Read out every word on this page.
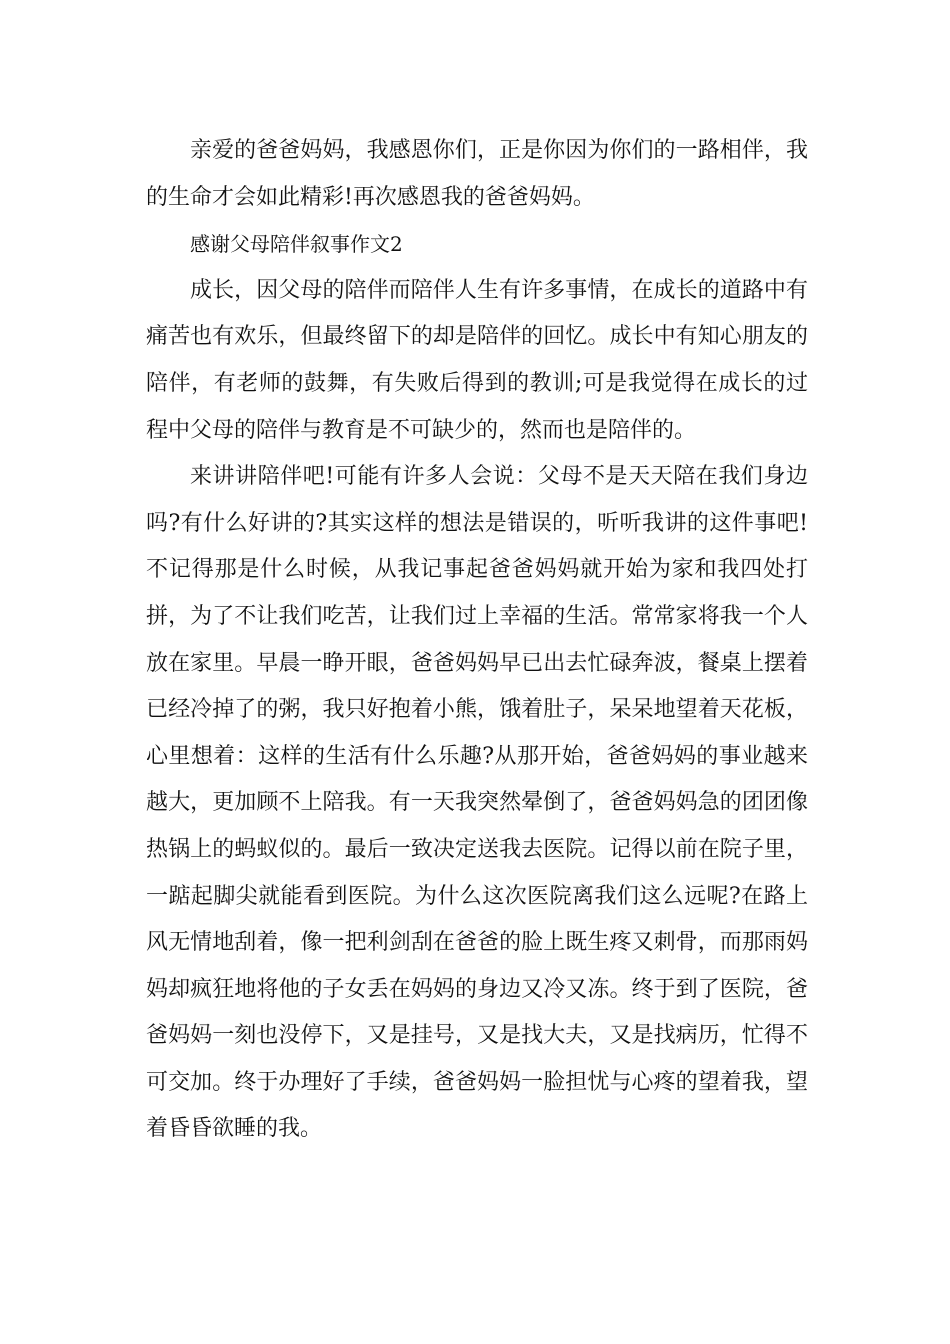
亲爱的爸爸妈妈，我感恩你们，正是你因为你们的一路相伴，我的生命才会如此精彩!再次感恩我的爸爸妈妈。

感谢父母陪伴叙事作文2

成长，因父母的陪伴而陪伴人生有许多事情，在成长的道路中有痛苦也有欢乐，但最终留下的却是陪伴的回忆。成长中有知心朋友的陪伴，有老师的鼓舞，有失败后得到的教训;可是我觉得在成长的过程中父母的陪伴与教育是不可缺少的，然而也是陪伴的。

来讲讲陪伴吧!可能有许多人会说：父母不是天天陪在我们身边吗?有什么好讲的?其实这样的想法是错误的，听听我讲的这件事吧!不记得那是什么时候，从我记事起爸爸妈妈就开始为家和我四处打拼，为了不让我们吃苦，让我们过上幸福的生活。常常家将我一个人放在家里。早晨一睁开眼，爸爸妈妈早已出去忙碌奔波，餐桌上摆着已经冷掉了的粥，我只好抱着小熊，饿着肚子，呆呆地望着天花板，心里想着：这样的生活有什么乐趣?从那开始，爸爸妈妈的事业越来越大，更加顾不上陪我。有一天我突然晕倒了，爸爸妈妈急的团团像热锅上的蚂蚁似的。最后一致决定送我去医院。记得以前在院子里，一踮起脚尖就能看到医院。为什么这次医院离我们这么远呢?在路上风无情地刮着，像一把利剑刮在爸爸的脸上既生疼又刺骨，而那雨妈妈却疯狂地将他的子女丢在妈妈的身边又冷又冻。终于到了医院，爸爸妈妈一刻也没停下，又是挂号，又是找大夫，又是找病历，忙得不可交加。终于办理好了手续，爸爸妈妈一脸担忧与心疼的望着我，望着昏昏欲睡的我。
